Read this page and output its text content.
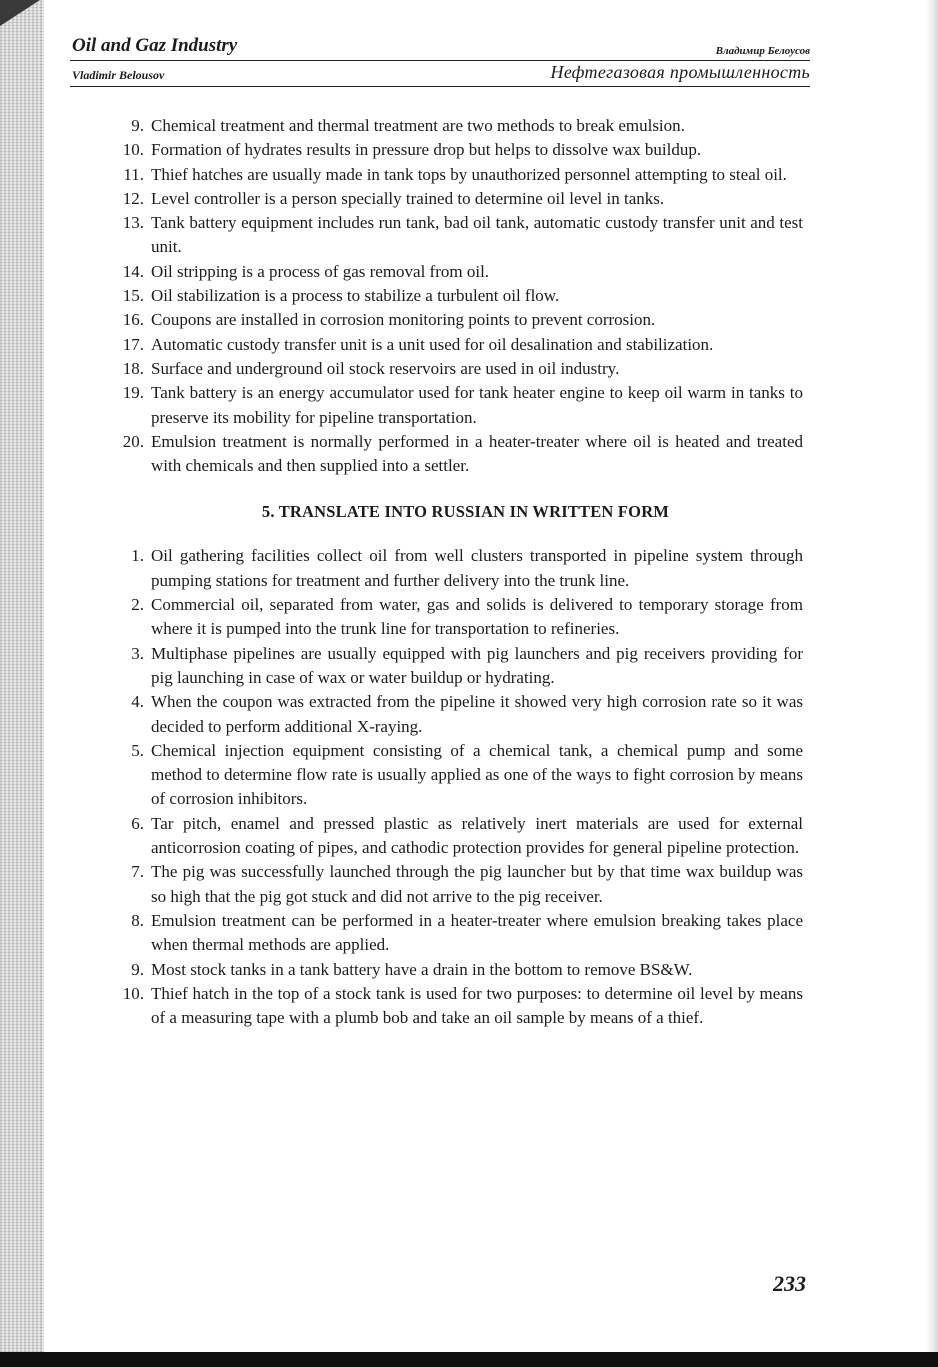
Oil and Gaz Industry	Владимир Белоусов
Vladimir Belousov	Нефтегазовая промышленность
9. Chemical treatment and thermal treatment are two methods to break emulsion.
10. Formation of hydrates results in pressure drop but helps to dissolve wax buildup.
11. Thief hatches are usually made in tank tops by unauthorized personnel attempting to steal oil.
12. Level controller is a person specially trained to determine oil level in tanks.
13. Tank battery equipment includes run tank, bad oil tank, automatic custody transfer unit and test unit.
14. Oil stripping is a process of gas removal from oil.
15. Oil stabilization is a process to stabilize a turbulent oil flow.
16. Coupons are installed in corrosion monitoring points to prevent corrosion.
17. Automatic custody transfer unit is a unit used for oil desalination and stabilization.
18. Surface and underground oil stock reservoirs are used in oil industry.
19. Tank battery is an energy accumulator used for tank heater engine to keep oil warm in tanks to preserve its mobility for pipeline transportation.
20. Emulsion treatment is normally performed in a heater-treater where oil is heated and treated with chemicals and then supplied into a settler.
5. TRANSLATE INTO RUSSIAN IN WRITTEN FORM
1. Oil gathering facilities collect oil from well clusters transported in pipeline system through pumping stations for treatment and further delivery into the trunk line.
2. Commercial oil, separated from water, gas and solids is delivered to temporary storage from where it is pumped into the trunk line for transportation to refineries.
3. Multiphase pipelines are usually equipped with pig launchers and pig receivers providing for pig launching in case of wax or water buildup or hydrating.
4. When the coupon was extracted from the pipeline it showed very high corrosion rate so it was decided to perform additional X-raying.
5. Chemical injection equipment consisting of a chemical tank, a chemical pump and some method to determine flow rate is usually applied as one of the ways to fight corrosion by means of corrosion inhibitors.
6. Tar pitch, enamel and pressed plastic as relatively inert materials are used for external anticorrosion coating of pipes, and cathodic protection provides for general pipeline protection.
7. The pig was successfully launched through the pig launcher but by that time wax buildup was so high that the pig got stuck and did not arrive to the pig receiver.
8. Emulsion treatment can be performed in a heater-treater where emulsion breaking takes place when thermal methods are applied.
9. Most stock tanks in a tank battery have a drain in the bottom to remove BS&W.
10. Thief hatch in the top of a stock tank is used for two purposes: to determine oil level by means of a measuring tape with a plumb bob and take an oil sample by means of a thief.
233
